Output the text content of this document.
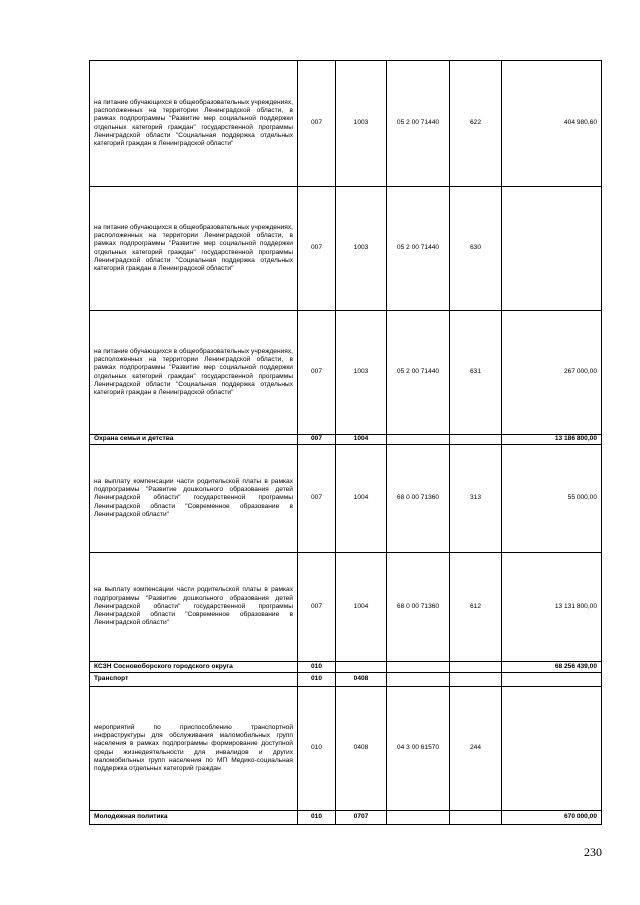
на питание обучающихся в общеобразовательных учреждениях, расположенных на территории Ленинградской области, в рамках подпрограммы "Развитие мер социальной поддержки отдельных категорий граждан" государственной программы Ленинградской области "Социальная поддержка отдельных категорий граждан в Ленинградской области"	007	1003	05 2 00 71440	622	404 980,60
на питание обучающихся в общеобразовательных учреждениях, расположенных на территории Ленинградской области, в рамках подпрограммы "Развитие мер социальной поддержки отдельных категорий граждан" государственной программы Ленинградской области "Социальная поддержка отдельных категорий граждан в Ленинградской области"	007	1003	05 2 00 71440	630	
на питание обучающихся в общеобразовательных учреждениях, расположенных на территории Ленинградской области, в рамках подпрограммы "Развитие мер социальной поддержки отдельных категорий граждан" государственной программы Ленинградской области "Социальная поддержка отдельных категорий граждан в Ленинградской области"	007	1003	05 2 00 71440	631	267 000,00
Охрана семьи и детства	007	1004			13 186 800,00
на выплату компенсации части родительской платы в рамках подпрограммы "Развитие дошкольного образования детей Ленинградской области" государственной программы Ленинградской области "Современное образование в Ленинградской области"	007	1004	68 0 00 71360	313	55 000,00
на выплату компенсации части родительской платы в рамках подпрограммы "Развитие дошкольного образования детей Ленинградской области" государственной программы Ленинградской области "Современное образование в Ленинградской области"	007	1004	68 0 00 71360	612	13 131 800,00
КСЗН Сосновоборского городского округа	010				68 256 439,00
Транспорт	010	0408			
мероприятий по приспособлению транспортной инфраструктуры для обслуживания маломобильных групп населения в рамках подпрограммы формирование доступной среды жизнедеятельности для инвалидов и других маломобильных групп населения по МП Медико-социальная поддержка отдельных категорий граждан	010	0408	04 3 00 61570	244	
Молодежная политика	010	0707			670 000,00
230
